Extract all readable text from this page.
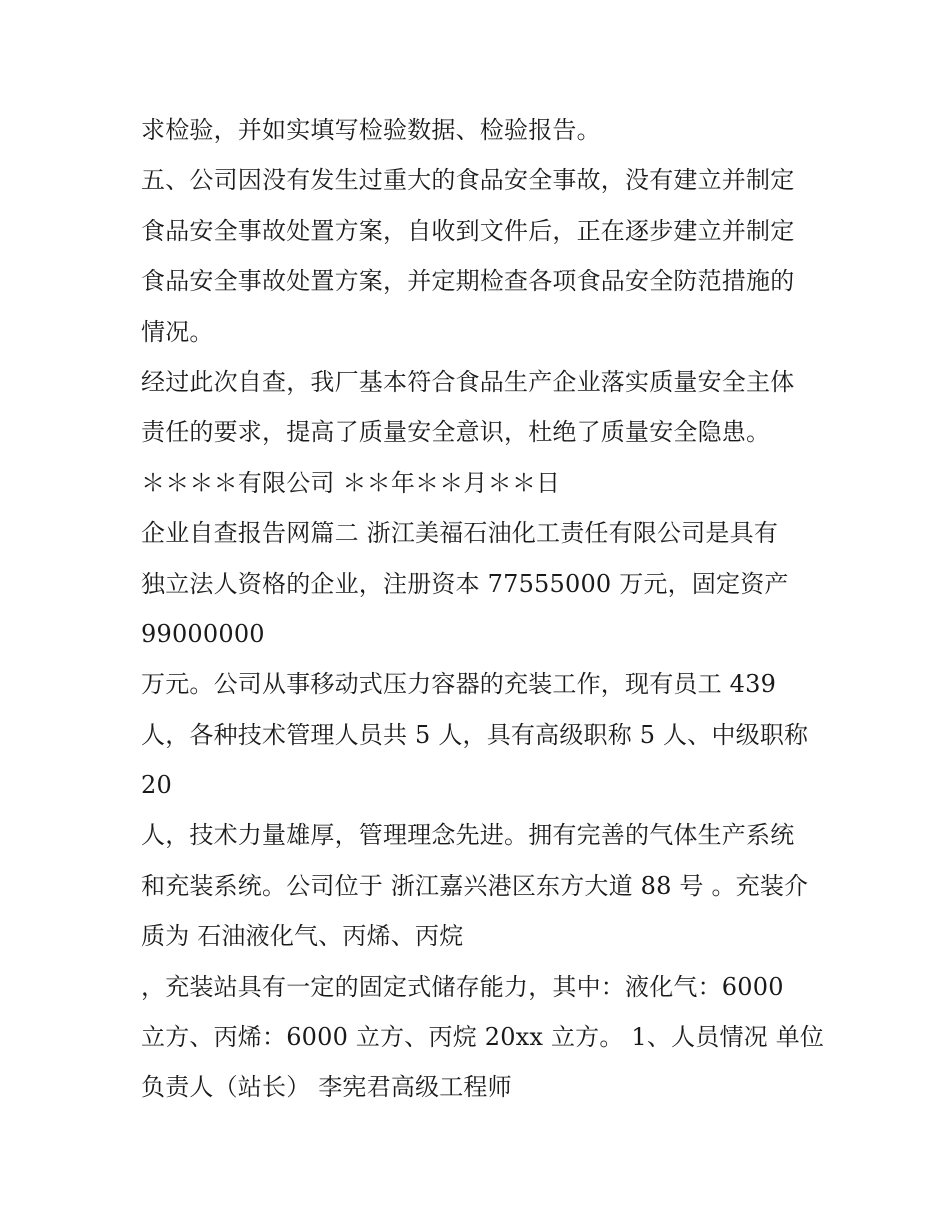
求检验，并如实填写检验数据、检验报告。
五、公司因没有发生过重大的食品安全事故，没有建立并制定
食品安全事故处置方案，自收到文件后，正在逐步建立并制定
食品安全事故处置方案，并定期检查各项食品安全防范措施的
情况。
经过此次自查，我厂基本符合食品生产企业落实质量安全主体
责任的要求，提高了质量安全意识，杜绝了质量安全隐患。
＊＊＊＊有限公司 ＊＊年＊＊月＊＊日
企业自查报告网篇二 浙江美福石油化工责任有限公司是具有
独立法人资格的企业，注册资本 77555000 万元，固定资产
99000000
万元。公司从事移动式压力容器的充装工作，现有员工 439
人，各种技术管理人员共 5 人，具有高级职称 5 人、中级职称
20
人，技术力量雄厚，管理理念先进。拥有完善的气体生产系统
和充装系统。公司位于 浙江嘉兴港区东方大道 88 号 。充装介
质为 石油液化气、丙烯、丙烷
，充装站具有一定的固定式储存能力，其中：液化气：6000
立方、丙烯：6000 立方、丙烷 20xx 立方。 1、人员情况 单位
负责人（站长） 李宪君高级工程师
